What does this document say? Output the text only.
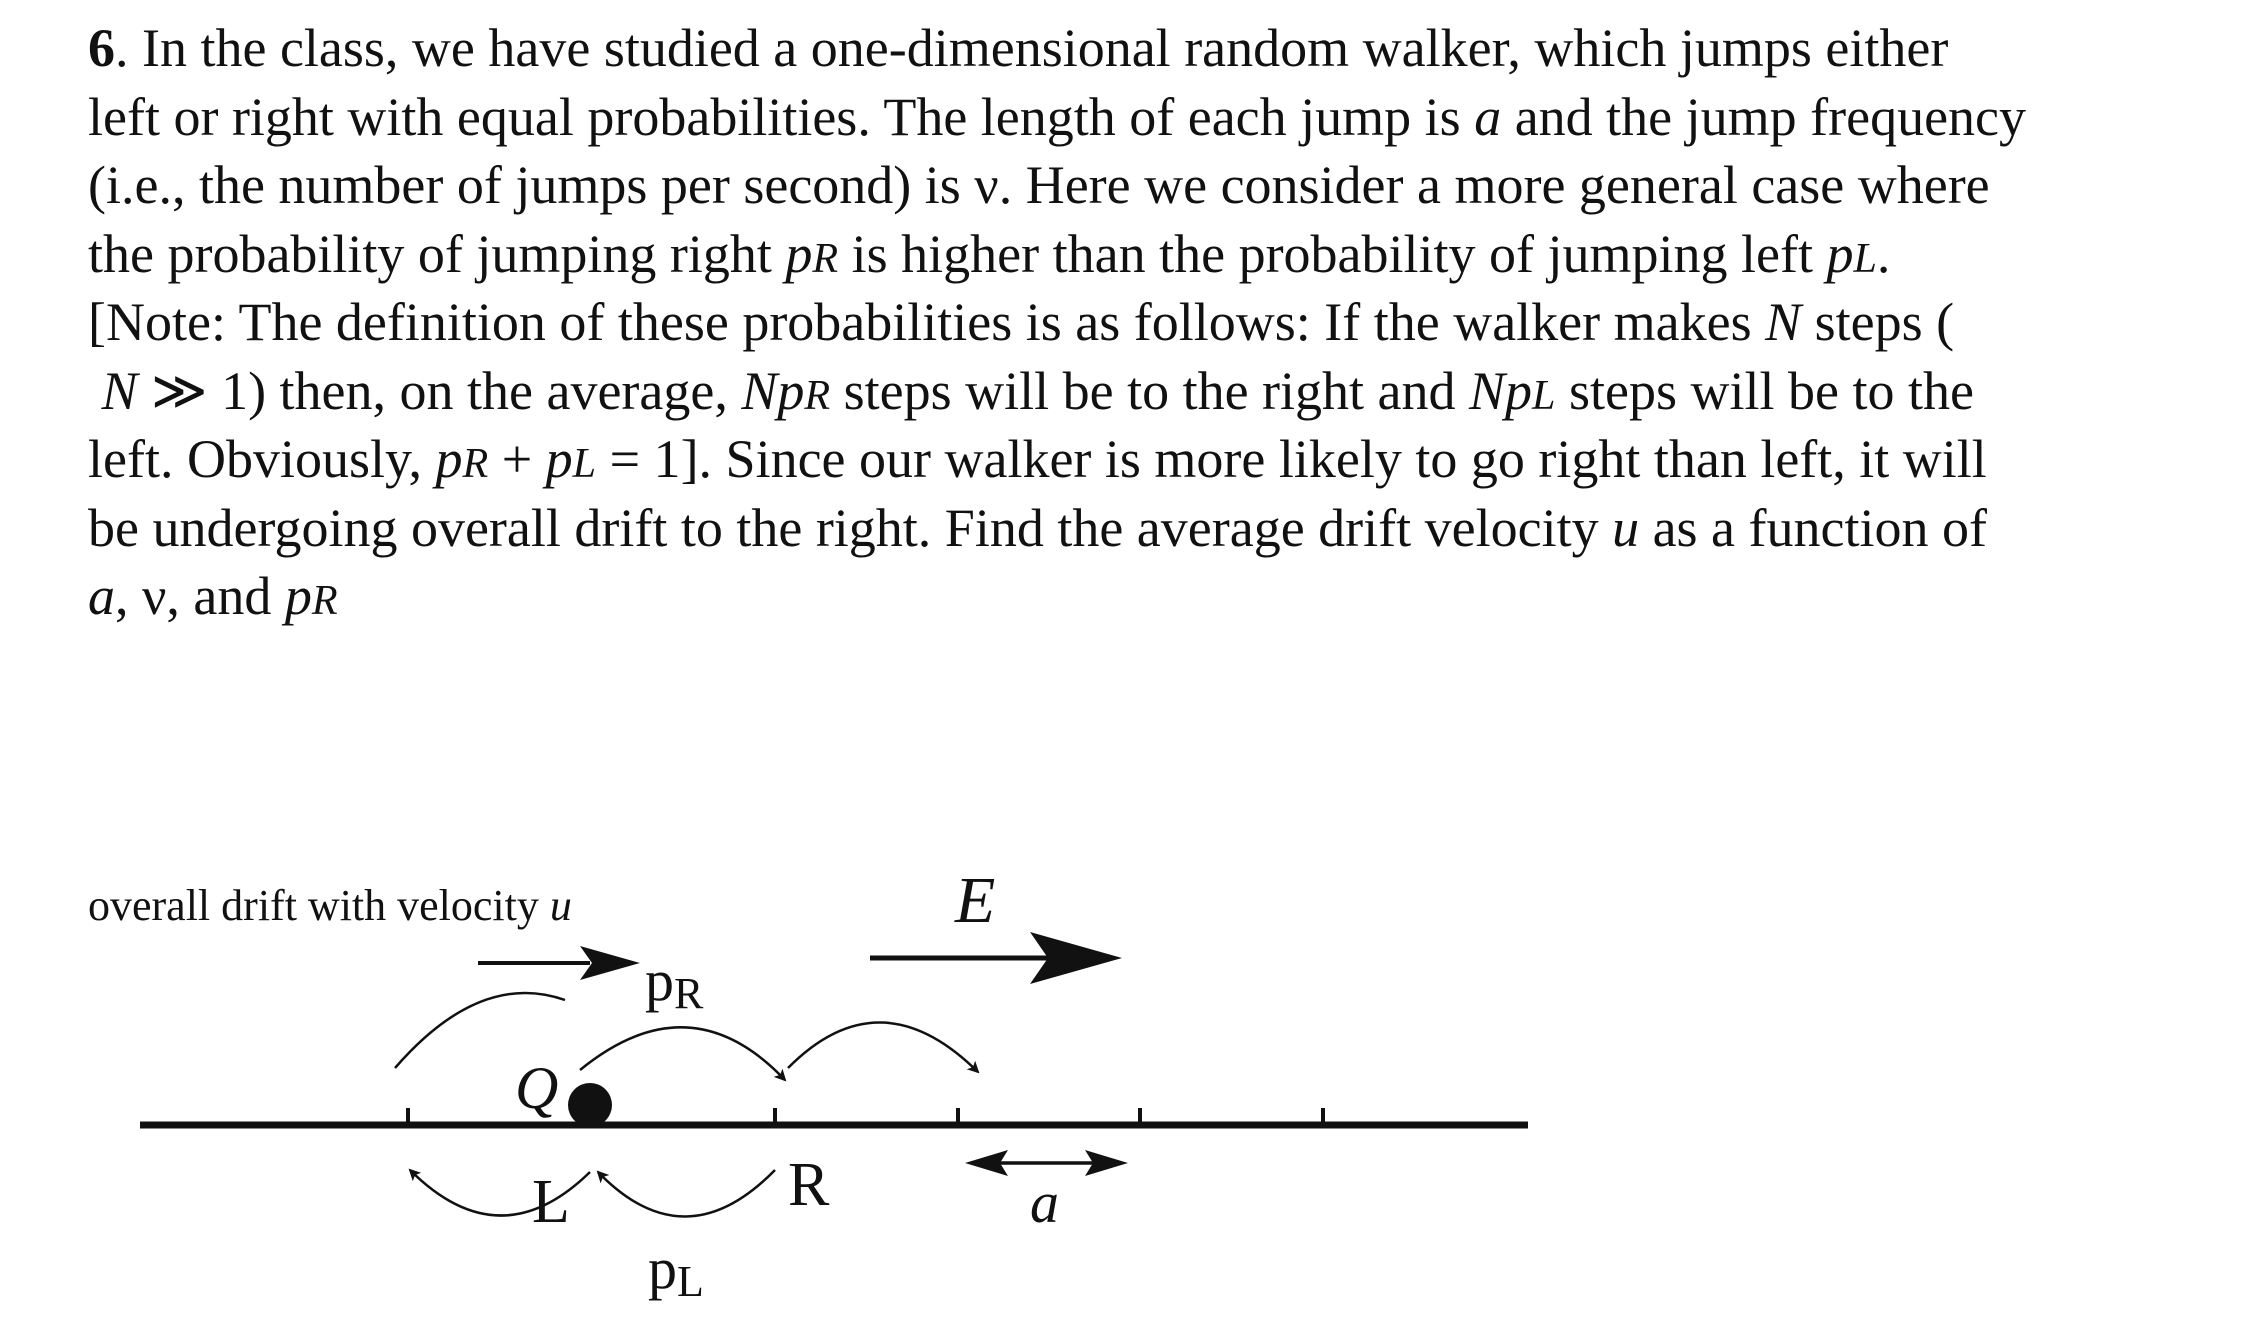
6. In the class, we have studied a one-dimensional random walker, which jumps either
left or right with equal probabilities. The length of each jump is a and the jump frequency
(i.e., the number of jumps per second) is ν. Here we consider a more general case where
the probability of jumping right pR is higher than the probability of jumping left pL.
[Note: The definition of these probabilities is as follows: If the walker makes N steps (
N ≫ 1) then, on the average, NpR steps will be to the right and NpL steps will be to the
left. Obviously, pR + pL = 1]. Since our walker is more likely to go right than left, it will
be undergoing overall drift to the right. Find the average drift velocity u as a function of
a, ν, and pR
overall drift with velocity u
pR
E
Q
L	R
pL
a
